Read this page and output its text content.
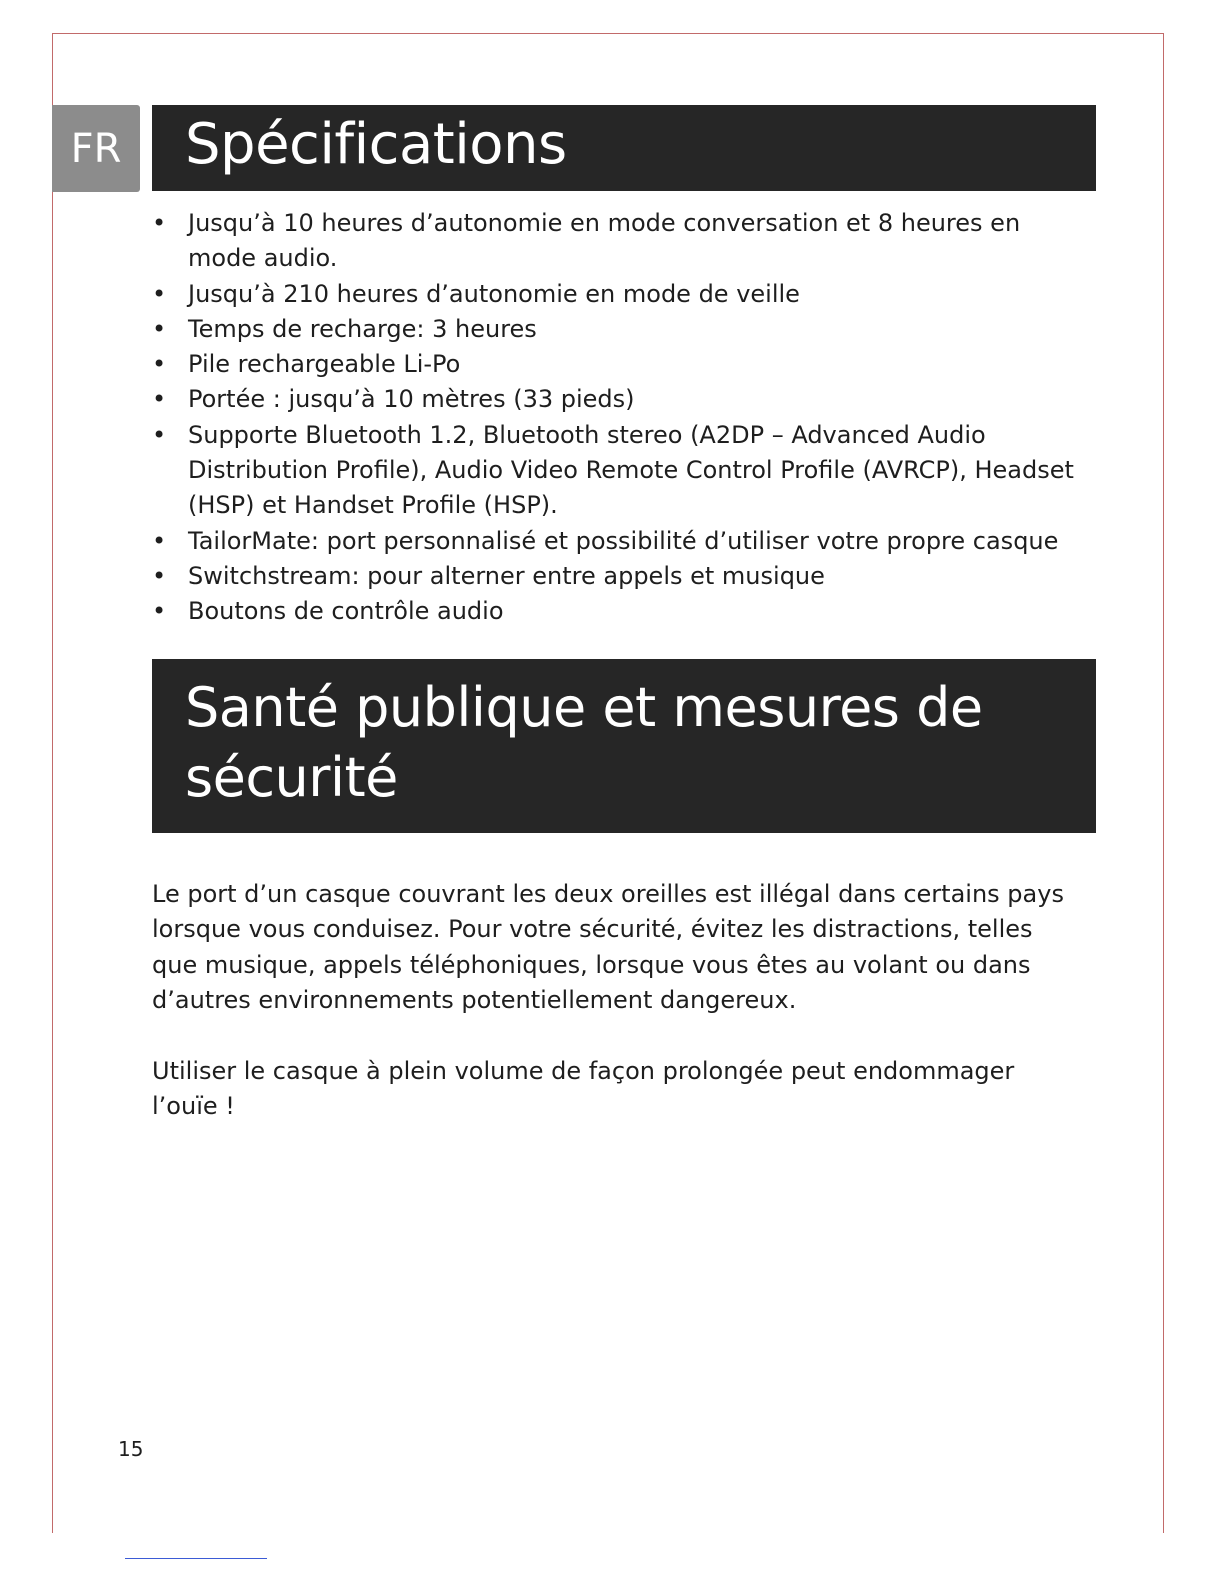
FR	Spécifications
• Jusqu’à 10 heures d’autonomie en mode conversation et 8 heures en mode audio.
• Jusqu’à 210 heures d’autonomie en mode de veille
• Temps de recharge: 3 heures
• Pile rechargeable Li-Po
• Portée : jusqu’à 10 mètres (33 pieds)
• Supporte Bluetooth 1.2, Bluetooth stereo (A2DP – Advanced Audio Distribution Profile), Audio Video Remote Control Profile (AVRCP), Headset (HSP) et Handset Profile (HSP).
• TailorMate: port personnalisé et possibilité d’utiliser votre propre casque
• Switchstream: pour alterner entre appels et musique
• Boutons de contrôle audio
Santé publique et mesures de
sécurité

Le port d’un casque couvrant les deux oreilles est illégal dans certains pays lorsque vous conduisez. Pour votre sécurité, évitez les distractions, telles que musique, appels téléphoniques, lorsque vous êtes au volant ou dans d’autres environnements potentiellement dangereux.

Utiliser le casque à plein volume de façon prolongée peut endommager l’ouïe !

15
